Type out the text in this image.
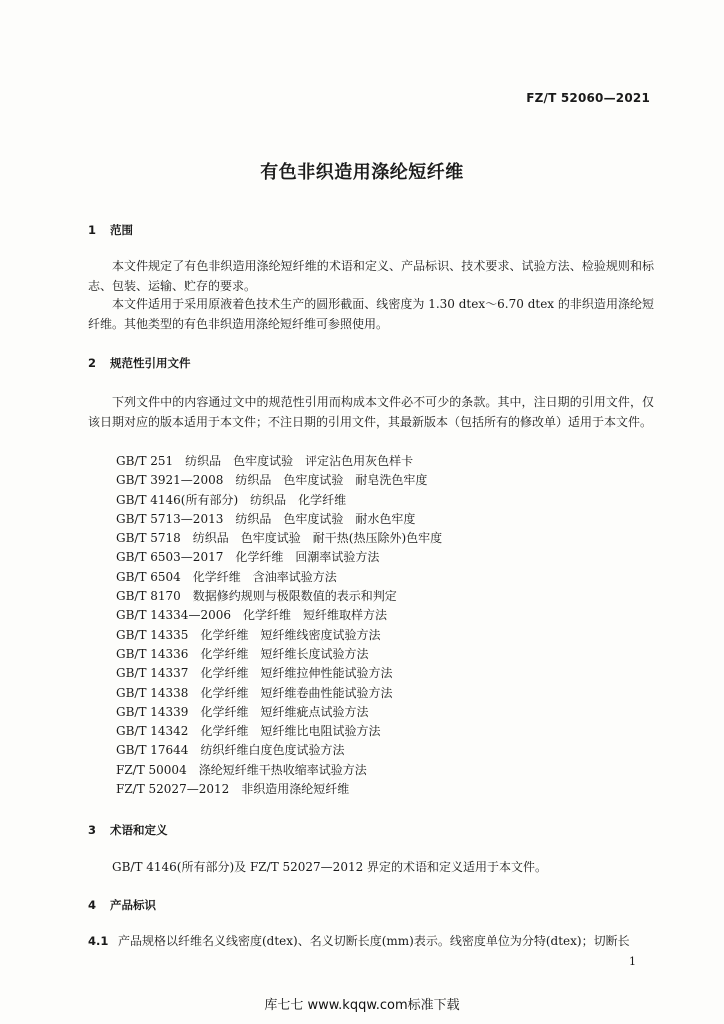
FZ/T 52060—2021
有色非织造用涤纶短纤维
1 范围
本文件规定了有色非织造用涤纶短纤维的术语和定义、产品标识、技术要求、试验方法、检验规则和标志、包装、运输、贮存的要求。
本文件适用于采用原液着色技术生产的圆形截面、线密度为 1.30 dtex～6.70 dtex 的非织造用涤纶短纤维。其他类型的有色非织造用涤纶短纤维可参照使用。
2 规范性引用文件
下列文件中的内容通过文中的规范性引用而构成本文件必不可少的条款。其中，注日期的引用文件，仅该日期对应的版本适用于本文件；不注日期的引用文件，其最新版本（包括所有的修改单）适用于本文件。
GB/T 251　纺织品　色牢度试验　评定沾色用灰色样卡
GB/T 3921—2008　纺织品　色牢度试验　耐皂洗色牢度
GB/T 4146(所有部分)　纺织品　化学纤维
GB/T 5713—2013　纺织品　色牢度试验　耐水色牢度
GB/T 5718　纺织品　色牢度试验　耐干热(热压除外)色牢度
GB/T 6503—2017　化学纤维　回潮率试验方法
GB/T 6504　化学纤维　含油率试验方法
GB/T 8170　数据修约规则与极限数值的表示和判定
GB/T 14334—2006　化学纤维　短纤维取样方法
GB/T 14335　化学纤维　短纤维线密度试验方法
GB/T 14336　化学纤维　短纤维长度试验方法
GB/T 14337　化学纤维　短纤维拉伸性能试验方法
GB/T 14338　化学纤维　短纤维卷曲性能试验方法
GB/T 14339　化学纤维　短纤维疵点试验方法
GB/T 14342　化学纤维　短纤维比电阻试验方法
GB/T 17644　纺织纤维白度色度试验方法
FZ/T 50004　涤纶短纤维干热收缩率试验方法
FZ/T 52027—2012　非织造用涤纶短纤维
3 术语和定义
GB/T 4146(所有部分)及 FZ/T 52027—2012 界定的术语和定义适用于本文件。
4 产品标识
4.1 产品规格以纤维名义线密度(dtex)、名义切断长度(mm)表示。线密度单位为分特(dtex)；切断长
1
库七七 www.kqqw.com标准下载
